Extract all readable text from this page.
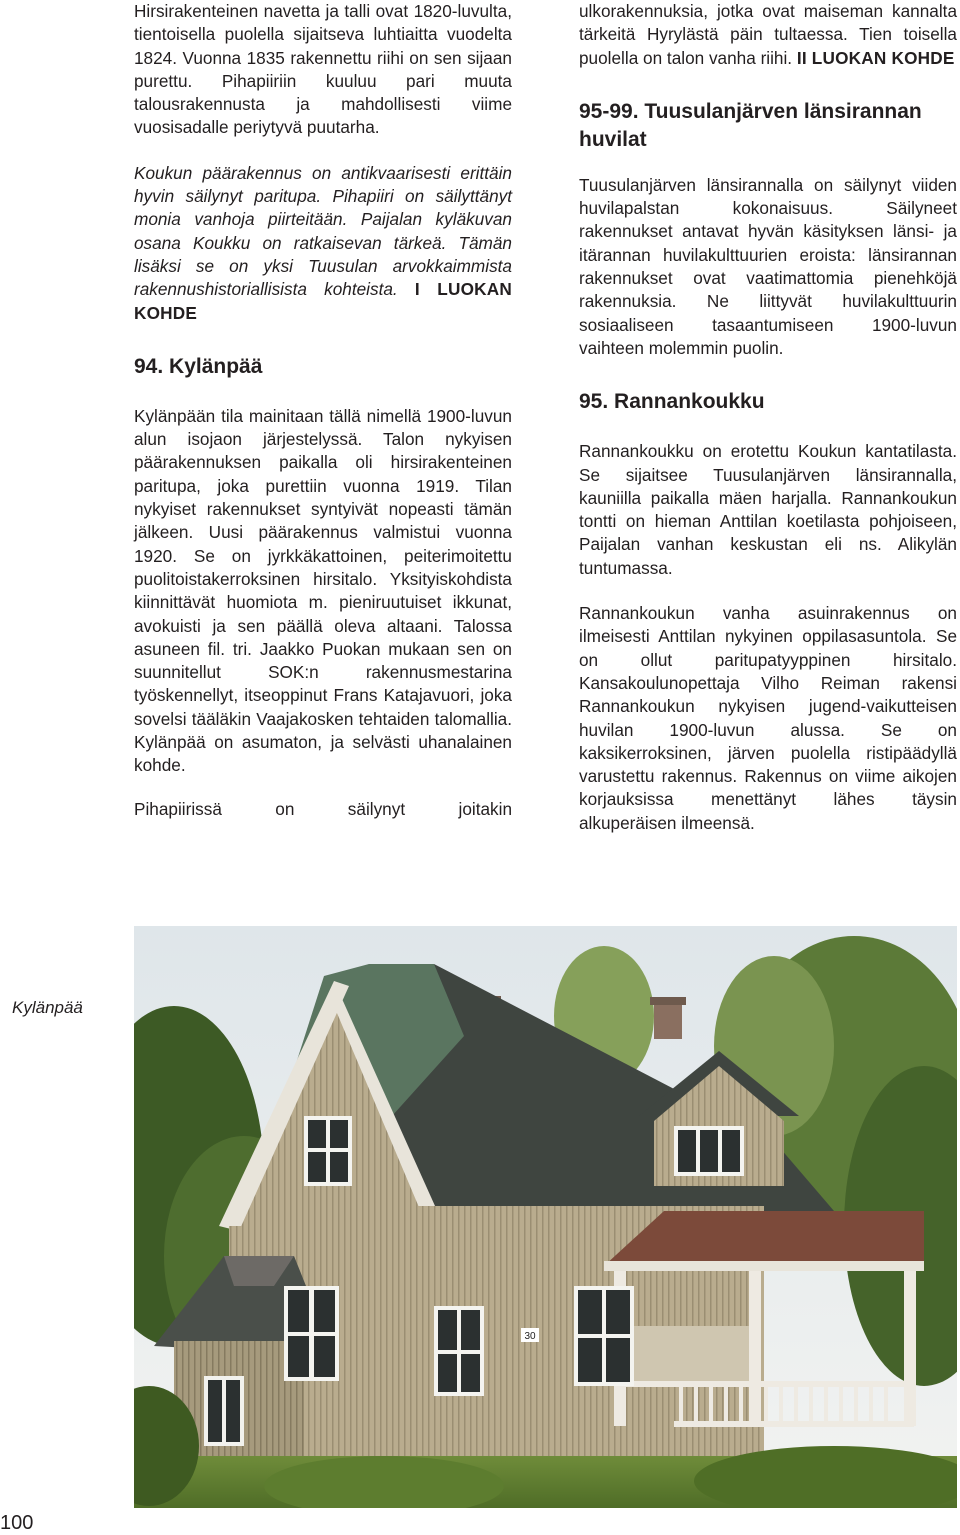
Hirsirakenteinen navetta ja talli ovat 1820-luvulta, tientoisella puolella sijaitseva luhtiaitta vuodelta 1824. Vuonna 1835 rakennettu riihi on sen sijaan purettu. Pihapiiriin kuuluu pari muuta talousrakennusta ja mahdollisesti viime vuosisadalle periytyvä puutarha.

Koukun päärakennus on antikvaarisesti erittäin hyvin säilynyt paritupa. Pihapiiri on säilyttänyt monia vanhoja piirteitään. Paijalan kyläkuvan osana Koukku on ratkaisevan tärkeä. Tämän lisäksi se on yksi Tuusulan arvokkaimmista rakennushistoriallisista kohteista. I LUOKAN KOHDE

94. Kylänpää

Kylänpään tila mainitaan tällä nimellä 1900-luvun alun isojaon järjestelyssä. Talon nykyisen päärakennuksen paikalla oli hirsirakenteinen paritupa, joka purettiin vuonna 1919. Tilan nykyiset rakennukset syntyivät nopeasti tämän jälkeen. Uusi päärakennus valmistui vuonna 1920. Se on jyrkkäkattoinen, peiterimoitettu puolitoistakerroksinen hirsitalo. Yksityiskohdista kiinnittävät huomiota m. pieniruutuiset ikkunat, avokuisti ja sen päällä oleva altaani. Talossa asuneen fil. tri. Jaakko Puokan mukaan sen on suunnitellut SOK:n rakennusmestarina työskennellyt, itseoppinut Frans Katajavuori, joka sovelsi tääläkin Vaajakosken tehtaiden talomallia. Kylänpää on asumaton, ja selvästi uhanalainen kohde.

Pihapiirissä on säilynyt joitakin

ulkorakennuksia, jotka ovat maiseman kannalta tärkeitä Hyrylästä päin tultaessa. Tien toisella puolella on talon vanha riihi. II LUOKAN KOHDE

95-99. Tuusulanjärven länsirannan huvilat

Tuusulanjärven länsirannalla on säilynyt viiden huvilapalstan kokonaisuus. Säilyneet rakennukset antavat hyvän käsityksen länsi- ja itärannan huvilakulttuurien eroista: länsirannan rakennukset ovat vaatimattomia pienehköjä rakennuksia. Ne liittyvät huvilakulttuurin sosiaaliseen tasaantumiseen 1900-luvun vaihteen molemmin puolin.

95. Rannankoukku

Rannankoukku on erotettu Koukun kantatilasta. Se sijaitsee Tuusulanjärven länsirannalla, kauniilla paikalla mäen harjalla. Rannankoukun tontti on hieman Anttilan koetilasta pohjoiseen, Paijalan vanhan keskustan eli ns. Alikylän tuntumassa.

Rannankoukun vanha asuinrakennus on ilmeisesti Anttilan nykyinen oppilasasuntola. Se on ollut paritupatyyppinen hirsitalo. Kansakoulunopettaja Vilho Reiman rakensi Rannankoukun nykyisen jugend-vaikutteisen huvilan 1900-luvun alussa. Se on kaksikerroksinen, järven puolella ristipäädyllä varustettu rakennus. Rakennus on viime aikojen korjauksissa menettänyt lähes täysin alkuperäisen ilmeensä.

Kylänpää
30
100
